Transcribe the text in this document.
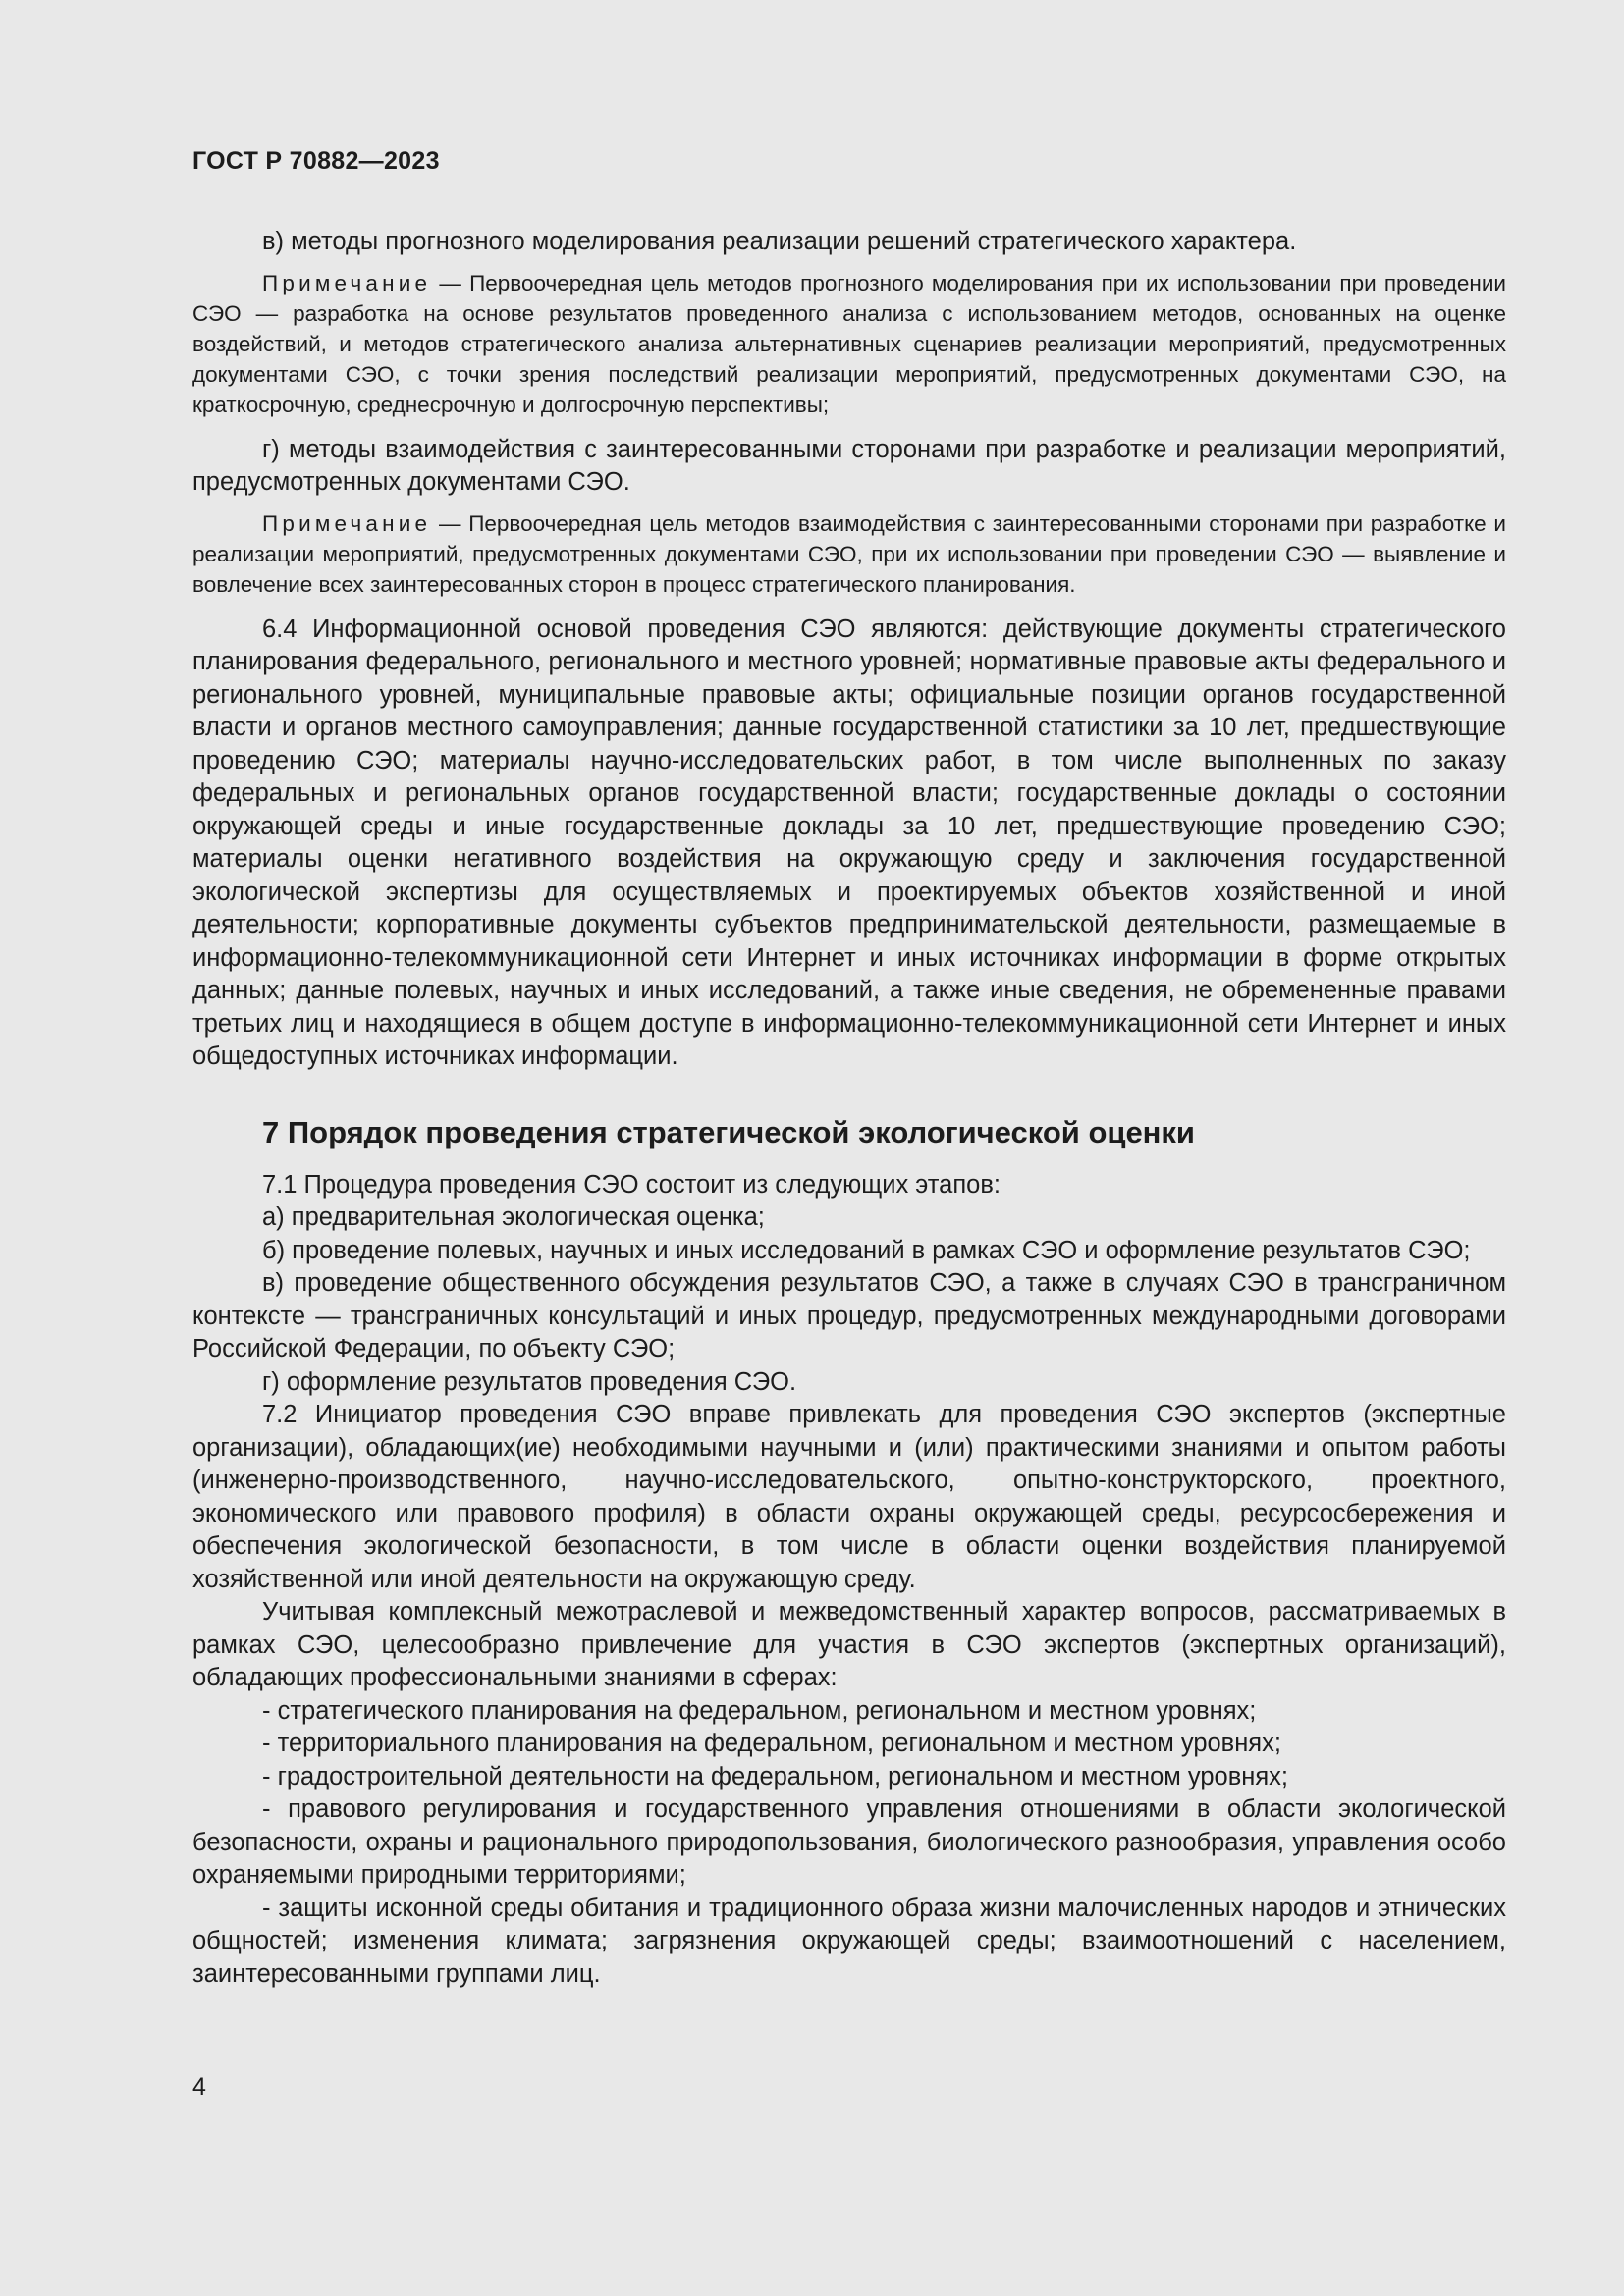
ГОСТ Р 70882—2023

в) методы прогнозного моделирования реализации решений стратегического характера.

Примечание — Первоочередная цель методов прогнозного моделирования при их использовании при проведении СЭО — разработка на основе результатов проведенного анализа с использованием методов, основанных на оценке воздействий, и методов стратегического анализа альтернативных сценариев реализации мероприятий, предусмотренных документами СЭО, с точки зрения последствий реализации мероприятий, предусмотренных документами СЭО, на краткосрочную, среднесрочную и долгосрочную перспективы;

г) методы взаимодействия с заинтересованными сторонами при разработке и реализации мероприятий, предусмотренных документами СЭО.

Примечание — Первоочередная цель методов взаимодействия с заинтересованными сторонами при разработке и реализации мероприятий, предусмотренных документами СЭО, при их использовании при проведении СЭО — выявление и вовлечение всех заинтересованных сторон в процесс стратегического планирования.

6.4 Информационной основой проведения СЭО являются: действующие документы стратегического планирования федерального, регионального и местного уровней; нормативные правовые акты федерального и регионального уровней, муниципальные правовые акты; официальные позиции органов государственной власти и органов местного самоуправления; данные государственной статистики за 10 лет, предшествующие проведению СЭО; материалы научно-исследовательских работ, в том числе выполненных по заказу федеральных и региональных органов государственной власти; государственные доклады о состоянии окружающей среды и иные государственные доклады за 10 лет, предшествующие проведению СЭО; материалы оценки негативного воздействия на окружающую среду и заключения государственной экологической экспертизы для осуществляемых и проектируемых объектов хозяйственной и иной деятельности; корпоративные документы субъектов предпринимательской деятельности, размещаемые в информационно-телекоммуникационной сети Интернет и иных источниках информации в форме открытых данных; данные полевых, научных и иных исследований, а также иные сведения, не обремененные правами третьих лиц и находящиеся в общем доступе в информационно-телекоммуникационной сети Интернет и иных общедоступных источниках информации.

7 Порядок проведения стратегической экологической оценки

7.1 Процедура проведения СЭО состоит из следующих этапов:

а) предварительная экологическая оценка;

б) проведение полевых, научных и иных исследований в рамках СЭО и оформление результатов СЭО;

в) проведение общественного обсуждения результатов СЭО, а также в случаях СЭО в трансграничном контексте — трансграничных консультаций и иных процедур, предусмотренных международными договорами Российской Федерации, по объекту СЭО;

г) оформление результатов проведения СЭО.

7.2 Инициатор проведения СЭО вправе привлекать для проведения СЭО экспертов (экспертные организации), обладающих(ие) необходимыми научными и (или) практическими знаниями и опытом работы (инженерно-производственного, научно-исследовательского, опытно-конструкторского, проектного, экономического или правового профиля) в области охраны окружающей среды, ресурсосбережения и обеспечения экологической безопасности, в том числе в области оценки воздействия планируемой хозяйственной или иной деятельности на окружающую среду.

Учитывая комплексный межотраслевой и межведомственный характер вопросов, рассматриваемых в рамках СЭО, целесообразно привлечение для участия в СЭО экспертов (экспертных организаций), обладающих профессиональными знаниями в сферах:

- стратегического планирования на федеральном, региональном и местном уровнях;

- территориального планирования на федеральном, региональном и местном уровнях;

- градостроительной деятельности на федеральном, региональном и местном уровнях;

- правового регулирования и государственного управления отношениями в области экологической безопасности, охраны и рационального природопользования, биологического разнообразия, управления особо охраняемыми природными территориями;

- защиты исконной среды обитания и традиционного образа жизни малочисленных народов и этнических общностей; изменения климата; загрязнения окружающей среды; взаимоотношений с населением, заинтересованными группами лиц.

4
